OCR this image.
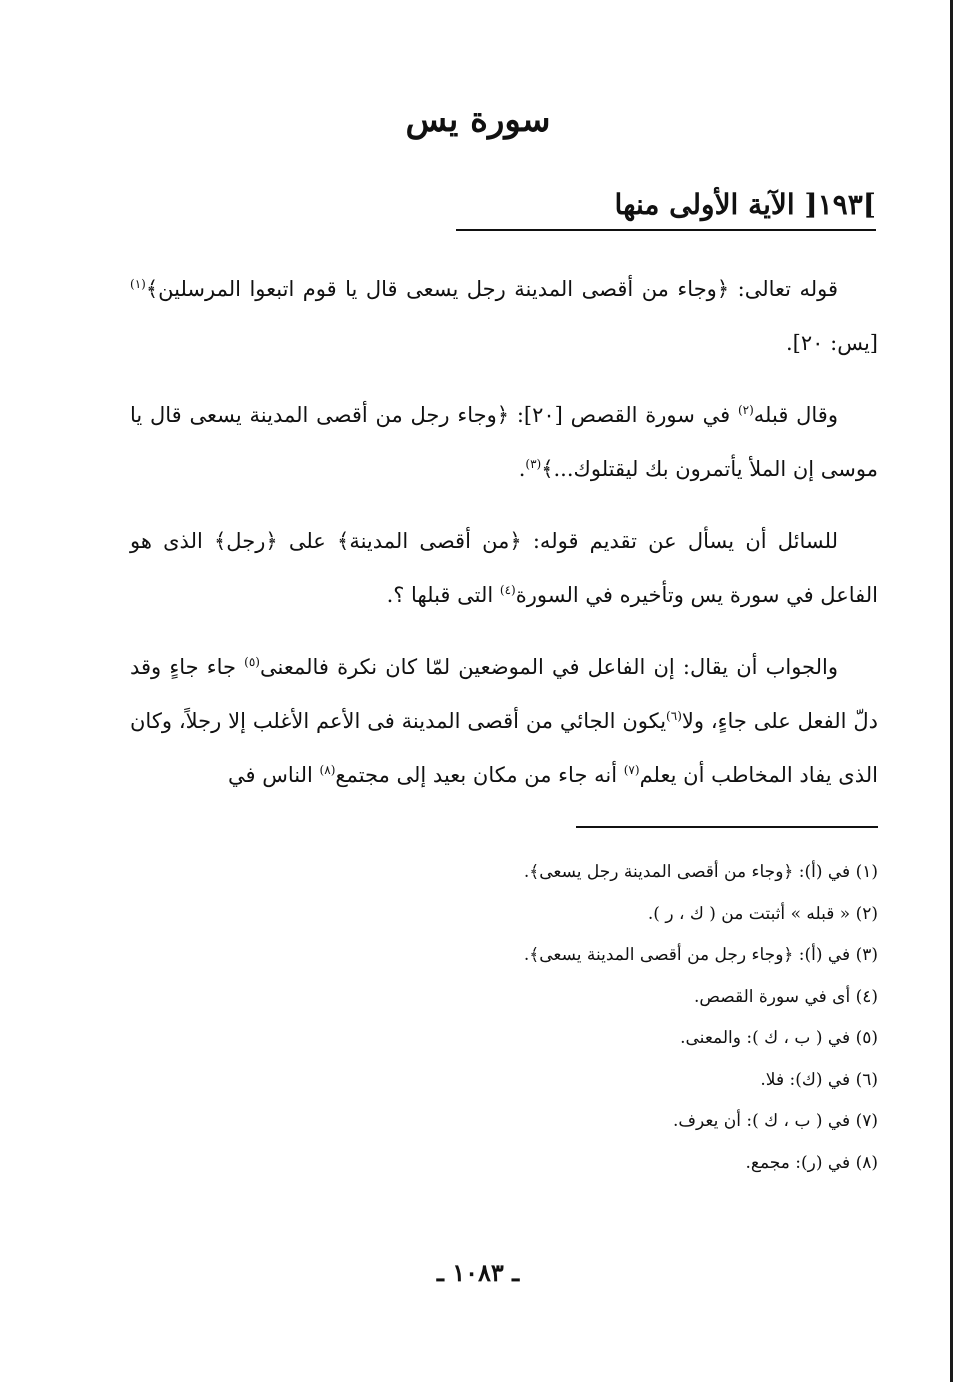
سورة يس
]١٩٣[ الآية الأولى منها

قوله تعالى: ﴿وجاء من أقصى المدينة رجل يسعى قال يا قوم اتبعوا المرسلين﴾$^{(١)}$[يس: ٢٠].

وقال قبله$^{(٢)}$ في سورة القصص [٢٠]: ﴿وجاء رجل من أقصى المدينة يسعى قال يا موسى إن الملأ يأتمرون بك ليقتلوك...﴾$^{(٣)}$.

للسائل أن يسأل عن تقديم قوله: ﴿من أقصى المدينة﴾ على ﴿رجل﴾ الذى هو الفاعل في سورة يس وتأخيره في السورة$^{(٤)}$ التى قبلها ؟.

والجواب أن يقال: إن الفاعل في الموضعين لمّا كان نكرة فالمعنى$^{(٥)}$ جاء جاءٍ وقد دلّ الفعل على جاءٍ، ولا$^{(٦)}$يكون الجائي من أقصى المدينة فى الأعم الأغلب إلا رجلاً، وكان الذى يفاد المخاطب أن يعلم$^{(٧)}$ أنه جاء من مكان بعيد إلى مجتمع$^{(٨)}$ الناس في

(١) في (أ): ﴿وجاء من أقصى المدينة رجل يسعى﴾.
(٢) « قبله » أثبتت من ( ك ، ر ).
(٣) في (أ): ﴿وجاء رجل من أقصى المدينة يسعى﴾.
(٤) أى في سورة القصص.
(٥) في ( ب ، ك ): والمعنى.
(٦) في (ك): فلا.
(٧) في ( ب ، ك ): أن يعرف.
(٨) في (ر): مجمع.
ـ ١٠٨٣ ـ
